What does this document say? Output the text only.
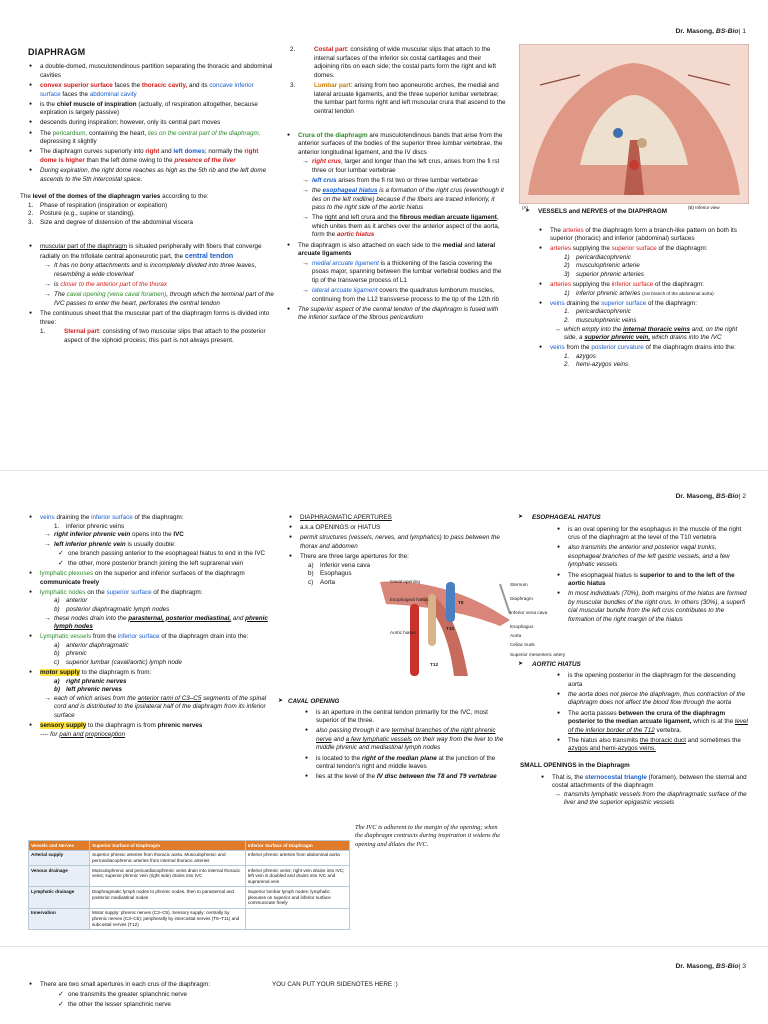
Dr. Masong, BS-Bio| 1
DIAPHRAGM
● a double-domed, musculotendinous partition separating the thoracic and abdominal cavities
● convex superior surface faces the thoracic cavity, and its concave inferior surface faces the abdominal cavity
● is the chief muscle of inspiration (actually, of respiration altogether, because expiration is largely passive)
● descends during inspiration; however, only its central part moves
● The pericardium, containing the heart, lies on the central part of the diaphragm, depressing it slightly
● The diaphragm curves superiorly into right and left domes; normally the right dome is higher than the left dome owing to the presence of the liver
● During expiration, the right dome reaches as high as the 5th rib and the left dome ascends to the 5th intercostal space.
The level of the domes of the diaphragm varies according to the:
1. Phase of respiration (inspiration or expiration)
2. Posture (e.g., supine or standing).
3. Size and degree of distension of the abdominal viscera
● muscular part of the diaphragm is situated peripherally with fibers that converge radially on the trifoliate central aponeurotic part, the central tendon
→ It has no bony attachments and is incompletely divided into three leaves, resembling a wide cloverleaf
→ is closer to the anterior part of the thorax
→ The caval opening (vena caval foramen), through which the terminal part of the IVC passes to enter the heart, perforates the central tendon
● The continuous sheet that the muscular part of the diaphragm forms is divided into three:
1.	Sternal part: consisting of two muscular slips that attach to the posterior aspect of the xiphoid process; this part is not always present.
2.	Costal part: consisting of wide muscular slips that attach to the internal surfaces of the inferior six costal cartilages and their adjoining ribs on each side; the costal parts form the right and left domes.
3.	Lumbar part: arising from two aponeurotic arches, the medial and lateral arcuate ligaments, and the three superior lumbar vertebrae; the lumbar part forms right and left muscular crura that ascend to the central tendon
● Crura of the diaphragm are musculotendinous bands that arise from the anterior surfaces of the bodies of the superior three lumbar vertebrae, the anterior longitudinal ligament, and the IV discs
→ right crus, larger and longer than the left crus, arises from the fi rst three or four lumbar vertebrae
→ left crus arises from the fi rst two or three lumbar vertebrae
→ the esophageal hiatus is a formation of the right crus (eventhough it lies on the left midline) because if the fibers are traced inferiorly, it pass to the right side of the aortic hiatus
→ The right and left crura and the fibrous median arcuate ligament, which unites them as it arches over the anterior aspect of the aorta, form the aortic hiatus
● The diaphragm is also attached on each side to the medial and lateral arcuate ligaments
→ medial arcuate ligament is a thickening of the fascia covering the psoas major, spanning between the lumbar vertebral bodies and the tip of the transverse process of L1
→ lateral arcuate ligament covers the quadratus lumborum muscles, continuing from the L12 transverse process to the tip of the 12th rib
● The superior aspect of the central tendon of the diaphragm is fused with the inferior surface of the fibrous pericardium
(A)	(B) Inferior view
➤ VESSELS and NERVES of the DIAPHRAGM
● The arteries of the diaphragm form a branch-like pattern on both its superior (thoracic) and inferior (abdominal) surfaces
● arteries supplying the superior surface of the diaphragm:
1) pericardiacophrenic
2) musculophrenic arterie
3) superior phrenic arteries
● arteries supplying the inferior surface of the diaphragm:
1) inferior phrenic arteries (1st branch of the abdominal aorta)
● veins draining the superior surface of the diaphragm:
1. pericardiacophrenic
2. musculophrenic veins
→ which empty into the internal thoracic veins and, on the right side, a superior phrenic vein, which drains into the IVC
● veins from the posterior curvature of the diaphragm drains into the:
1. azygos
2. hemi-azygos veins
Dr. Masong, BS-Bio| 2
● veins draining the inferior surface of the diaphragm:
1. inferior phrenic veins
→ right inferior phrenic vein opens into the IVC
→ left inferior phrenic vein is usually double:
✓ one branch passing anterior to the esophageal hiatus to end in the IVC
✓ the other, more posterior branch joining the left suprarenal vein
● lymphatic plexuses on the superior and inferior surfaces of the diaphragm communicate freely
● lymphatic nodes on the superior surface of the diaphragm:
a) anterior
b) posterior diaphragmatic lymph nodes
→ these nodes drain into the parasternal, posterior mediastinal, and phrenic lymph nodes
● Lymphatic vessels from the inferior surface of the diaphragm drain into the:
a) anterior diaphragmatic
b) phrenic
c) superior lumbar (caval/aortic) lymph node
● motor supply to the diaphragm is from:
a) right phrenic nerves
b) left phrenic nerves
→ each of which arises from the anterior rami of C3–C5 segments of the spinal cord and is distributed to the ipsilateral half of the diaphragm from its inferior surface
● sensory supply to the diaphragm is from phrenic nerves
---- for pain and proprioception
Vessels and Nerves	Superior Surface of Diaphragm	Inferior Surface of Diaphragm
Arterial supply	Superior phrenic arteries from thoracic aorta. Musculophrenic and pericardiacophrenic arteries from internal thoracic arteries	Inferior phrenic arteries from abdominal aorta
Venous drainage	Musculophrenic and pericardiacophrenic veins drain into internal thoracic veins; superior phrenic vein (right side) drains into IVC	Inferior phrenic veins; right vein drains into IVC; left vein is doubled and drains into IVC and suprarenal vein
Lymphatic drainage	Diaphragmatic lymph nodes to phrenic nodes, then to parasternal and posterior mediastinal nodes	Superior lumbar lymph nodes; lymphatic plexuses on superior and inferior surface communicate freely
Innervation	Motor supply: phrenic nerves (C3–C5). Sensory supply: centrally by phrenic nerves (C3–C5); peripherally by intercostal nerves (T5–T11) and subcostal nerves (T12)	
The IVC is adherent to the margin of the opening; when the diaphragm contracts during inspiration it widens the opening and dilates the IVC.
● DIAPHRAGMATIC APERTURES
● a.k.a OPENINGS or HIATUS
● permit structures (vessels, nerves, and lymphatics) to pass between the thorax and abdomen
● There are three large apertures for the:
a) Inferior vena cava
b) Esophagus
c) Aorta	Caval opening
Esophageal hiatus
Aortic hiatus
Sternum
Diaphragm
Inferior vena cava
Esophagus
Aorta
Celiac trunk
Superior mesenteric artery
T8
T10
T12
➤ CAVAL OPENING
● is an aperture in the central tendon primarily for the IVC, most superior of the three.
● also passing through it are terminal branches of the right phrenic nerve and a few lymphatic vessels on their way from the liver to the middle phrenic and mediastinal lymph nodes
● is located to the right of the median plane at the junction of the central tendon's right and middle leaves
● lies at the level of the IV disc between the T8 and T9 vertebrae
➤ ESOPHAGEAL HIATUS
● is an oval opening for the esophagus in the muscle of the right crus of the diaphragm at the level of the T10 vertebra
● also transmits the anterior and posterior vagal trunks, esophageal branches of the left gastric vessels, and a few lymphatic vessels
● The esophageal hiatus is superior to and to the left of the aortic hiatus
● In most individuals (70%), both margins of the hiatus are formed by muscular bundles of the right crus. In others (30%), a superfi cial muscular bundle from the left crus contributes to the formation of the right margin of the hiatus
➤ AORTIC HIATUS
● is the opening posterior in the diaphragm for the descending aorta
● the aorta does not pierce the diaphragm, thus contraction of the diaphragm does not affect the blood flow through the aorta
● The aorta passes between the crura of the diaphragm posterior to the median arcuate ligament, which is at the level of the inferior border of the T12 vertebra.
● The hiatus also transmits the thoracic duct and sometimes the azygos and hemi-azygos veins.
SMALL OPENINGS in the Diaphragm
● That is, the sternocostal triangle (foramen), between the sternal and costal attachments of the diaphragm
→ transmits lymphatic vessels from the diaphragmatic surface of the liver and the superior epigastric vessels
Dr. Masong, BS-Bio| 3
● There are two small apertures in each crus of the diaphragm:
✓ one transmits the greater splanchnic nerve
✓ the other the lesser splanchnic nerve
YOU CAN PUT YOUR SIDENOTES HERE :)
